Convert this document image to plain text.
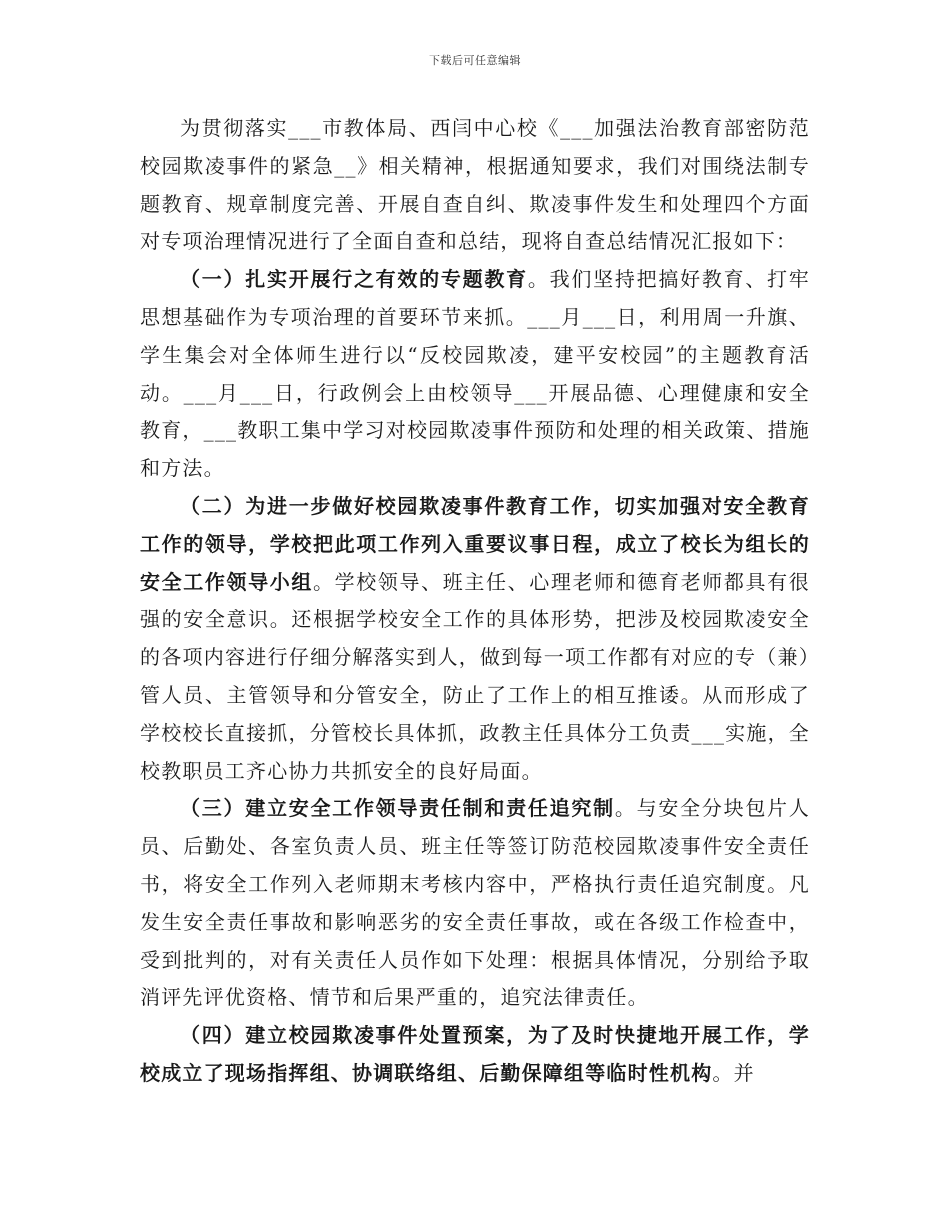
下载后可任意编辑

为贯彻落实___市教体局、西闫中心校《___加强法治教育部密防范校园欺凌事件的紧急__》相关精神，根据通知要求，我们对围绕法制专题教育、规章制度完善、开展自查自纠、欺凌事件发生和处理四个方面对专项治理情况进行了全面自查和总结，现将自查总结情况汇报如下：

（一）扎实开展行之有效的专题教育。我们坚持把搞好教育、打牢思想基础作为专项治理的首要环节来抓。___月___日，利用周一升旗、学生集会对全体师生进行以“反校园欺凌，建平安校园”的主题教育活动。___月___日，行政例会上由校领导___开展品德、心理健康和安全教育，___教职工集中学习对校园欺凌事件预防和处理的相关政策、措施和方法。

（二）为进一步做好校园欺凌事件教育工作，切实加强对安全教育工作的领导，学校把此项工作列入重要议事日程，成立了校长为组长的安全工作领导小组。学校领导、班主任、心理老师和德育老师都具有很强的安全意识。还根据学校安全工作的具体形势，把涉及校园欺凌安全的各项内容进行仔细分解落实到人，做到每一项工作都有对应的专（兼）管人员、主管领导和分管安全，防止了工作上的相互推诿。从而形成了学校校长直接抓，分管校长具体抓，政教主任具体分工负责___实施，全校教职员工齐心协力共抓安全的良好局面。

（三）建立安全工作领导责任制和责任追究制。与安全分块包片人员、后勤处、各室负责人员、班主任等签订防范校园欺凌事件安全责任书，将安全工作列入老师期末考核内容中，严格执行责任追究制度。凡发生安全责任事故和影响恶劣的安全责任事故，或在各级工作检查中，受到批判的，对有关责任人员作如下处理：根据具体情况，分别给予取消评先评优资格、情节和后果严重的，追究法律责任。

（四）建立校园欺凌事件处置预案，为了及时快捷地开展工作，学校成立了现场指挥组、协调联络组、后勤保障组等临时性机构。并
